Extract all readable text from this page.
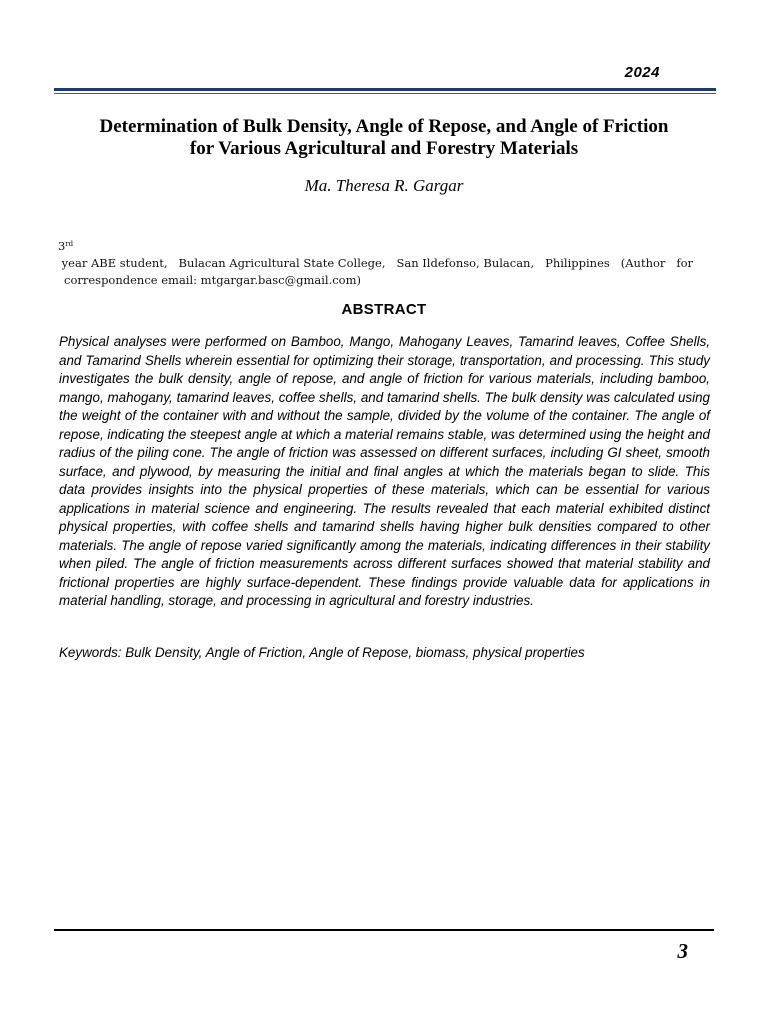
2024
Determination of Bulk Density, Angle of Repose, and Angle of Friction for Various Agricultural and Forestry Materials
Ma. Theresa R. Gargar
3rd year ABE student,   Bulacan Agricultural State College,   San Ildefonso, Bulacan,   Philippines   (Author   for
correspondence email: mtgargar.basc@gmail.com)
ABSTRACT
Physical analyses were performed on Bamboo, Mango, Mahogany Leaves, Tamarind leaves, Coffee Shells, and Tamarind Shells wherein essential for optimizing their storage, transportation, and processing. This study investigates the bulk density, angle of repose, and angle of friction for various materials, including bamboo, mango, mahogany, tamarind leaves, coffee shells, and tamarind shells. The bulk density was calculated using the weight of the container with and without the sample, divided by the volume of the container. The angle of repose, indicating the steepest angle at which a material remains stable, was determined using the height and radius of the piling cone. The angle of friction was assessed on different surfaces, including GI sheet, smooth surface, and plywood, by measuring the initial and final angles at which the materials began to slide. This data provides insights into the physical properties of these materials, which can be essential for various applications in material science and engineering. The results revealed that each material exhibited distinct physical properties, with coffee shells and tamarind shells having higher bulk densities compared to other materials. The angle of repose varied significantly among the materials, indicating differences in their stability when piled. The angle of friction measurements across different surfaces showed that material stability and frictional properties are highly surface-dependent. These findings provide valuable data for applications in material handling, storage, and processing in agricultural and forestry industries.
Keywords: Bulk Density, Angle of Friction, Angle of Repose, biomass, physical properties
3
